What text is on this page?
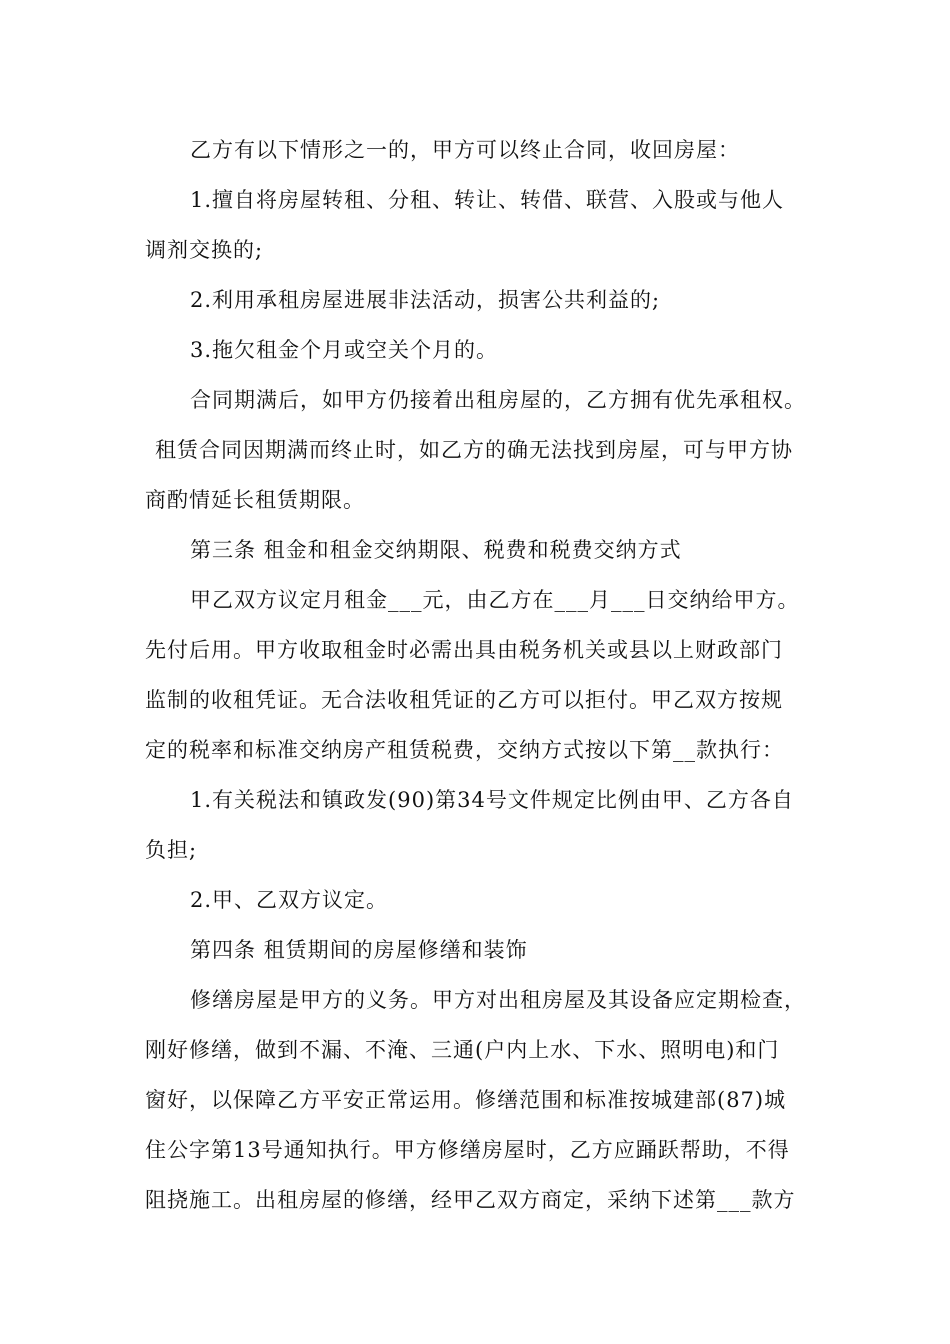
乙方有以下情形之一的，甲方可以终止合同，收回房屋：
1.擅自将房屋转租、分租、转让、转借、联营、入股或与他人
调剂交换的;
2.利用承租房屋进展非法活动，损害公共利益的;
3.拖欠租金个月或空关个月的。
合同期满后，如甲方仍接着出租房屋的，乙方拥有优先承租权。
租赁合同因期满而终止时，如乙方的确无法找到房屋，可与甲方协
商酌情延长租赁期限。
第三条 租金和租金交纳期限、税费和税费交纳方式
甲乙双方议定月租金___元，由乙方在___月___日交纳给甲方。
先付后用。甲方收取租金时必需出具由税务机关或县以上财政部门
监制的收租凭证。无合法收租凭证的乙方可以拒付。甲乙双方按规
定的税率和标准交纳房产租赁税费，交纳方式按以下第__款执行：
1.有关税法和镇政发(90)第34号文件规定比例由甲、乙方各自
负担;
2.甲、乙双方议定。
第四条 租赁期间的房屋修缮和装饰
修缮房屋是甲方的义务。甲方对出租房屋及其设备应定期检查，
刚好修缮，做到不漏、不淹、三通(户内上水、下水、照明电)和门
窗好，以保障乙方平安正常运用。修缮范围和标准按城建部(87)城
住公字第13号通知执行。甲方修缮房屋时，乙方应踊跃帮助，不得
阻挠施工。出租房屋的修缮，经甲乙双方商定，采纳下述第___款方
